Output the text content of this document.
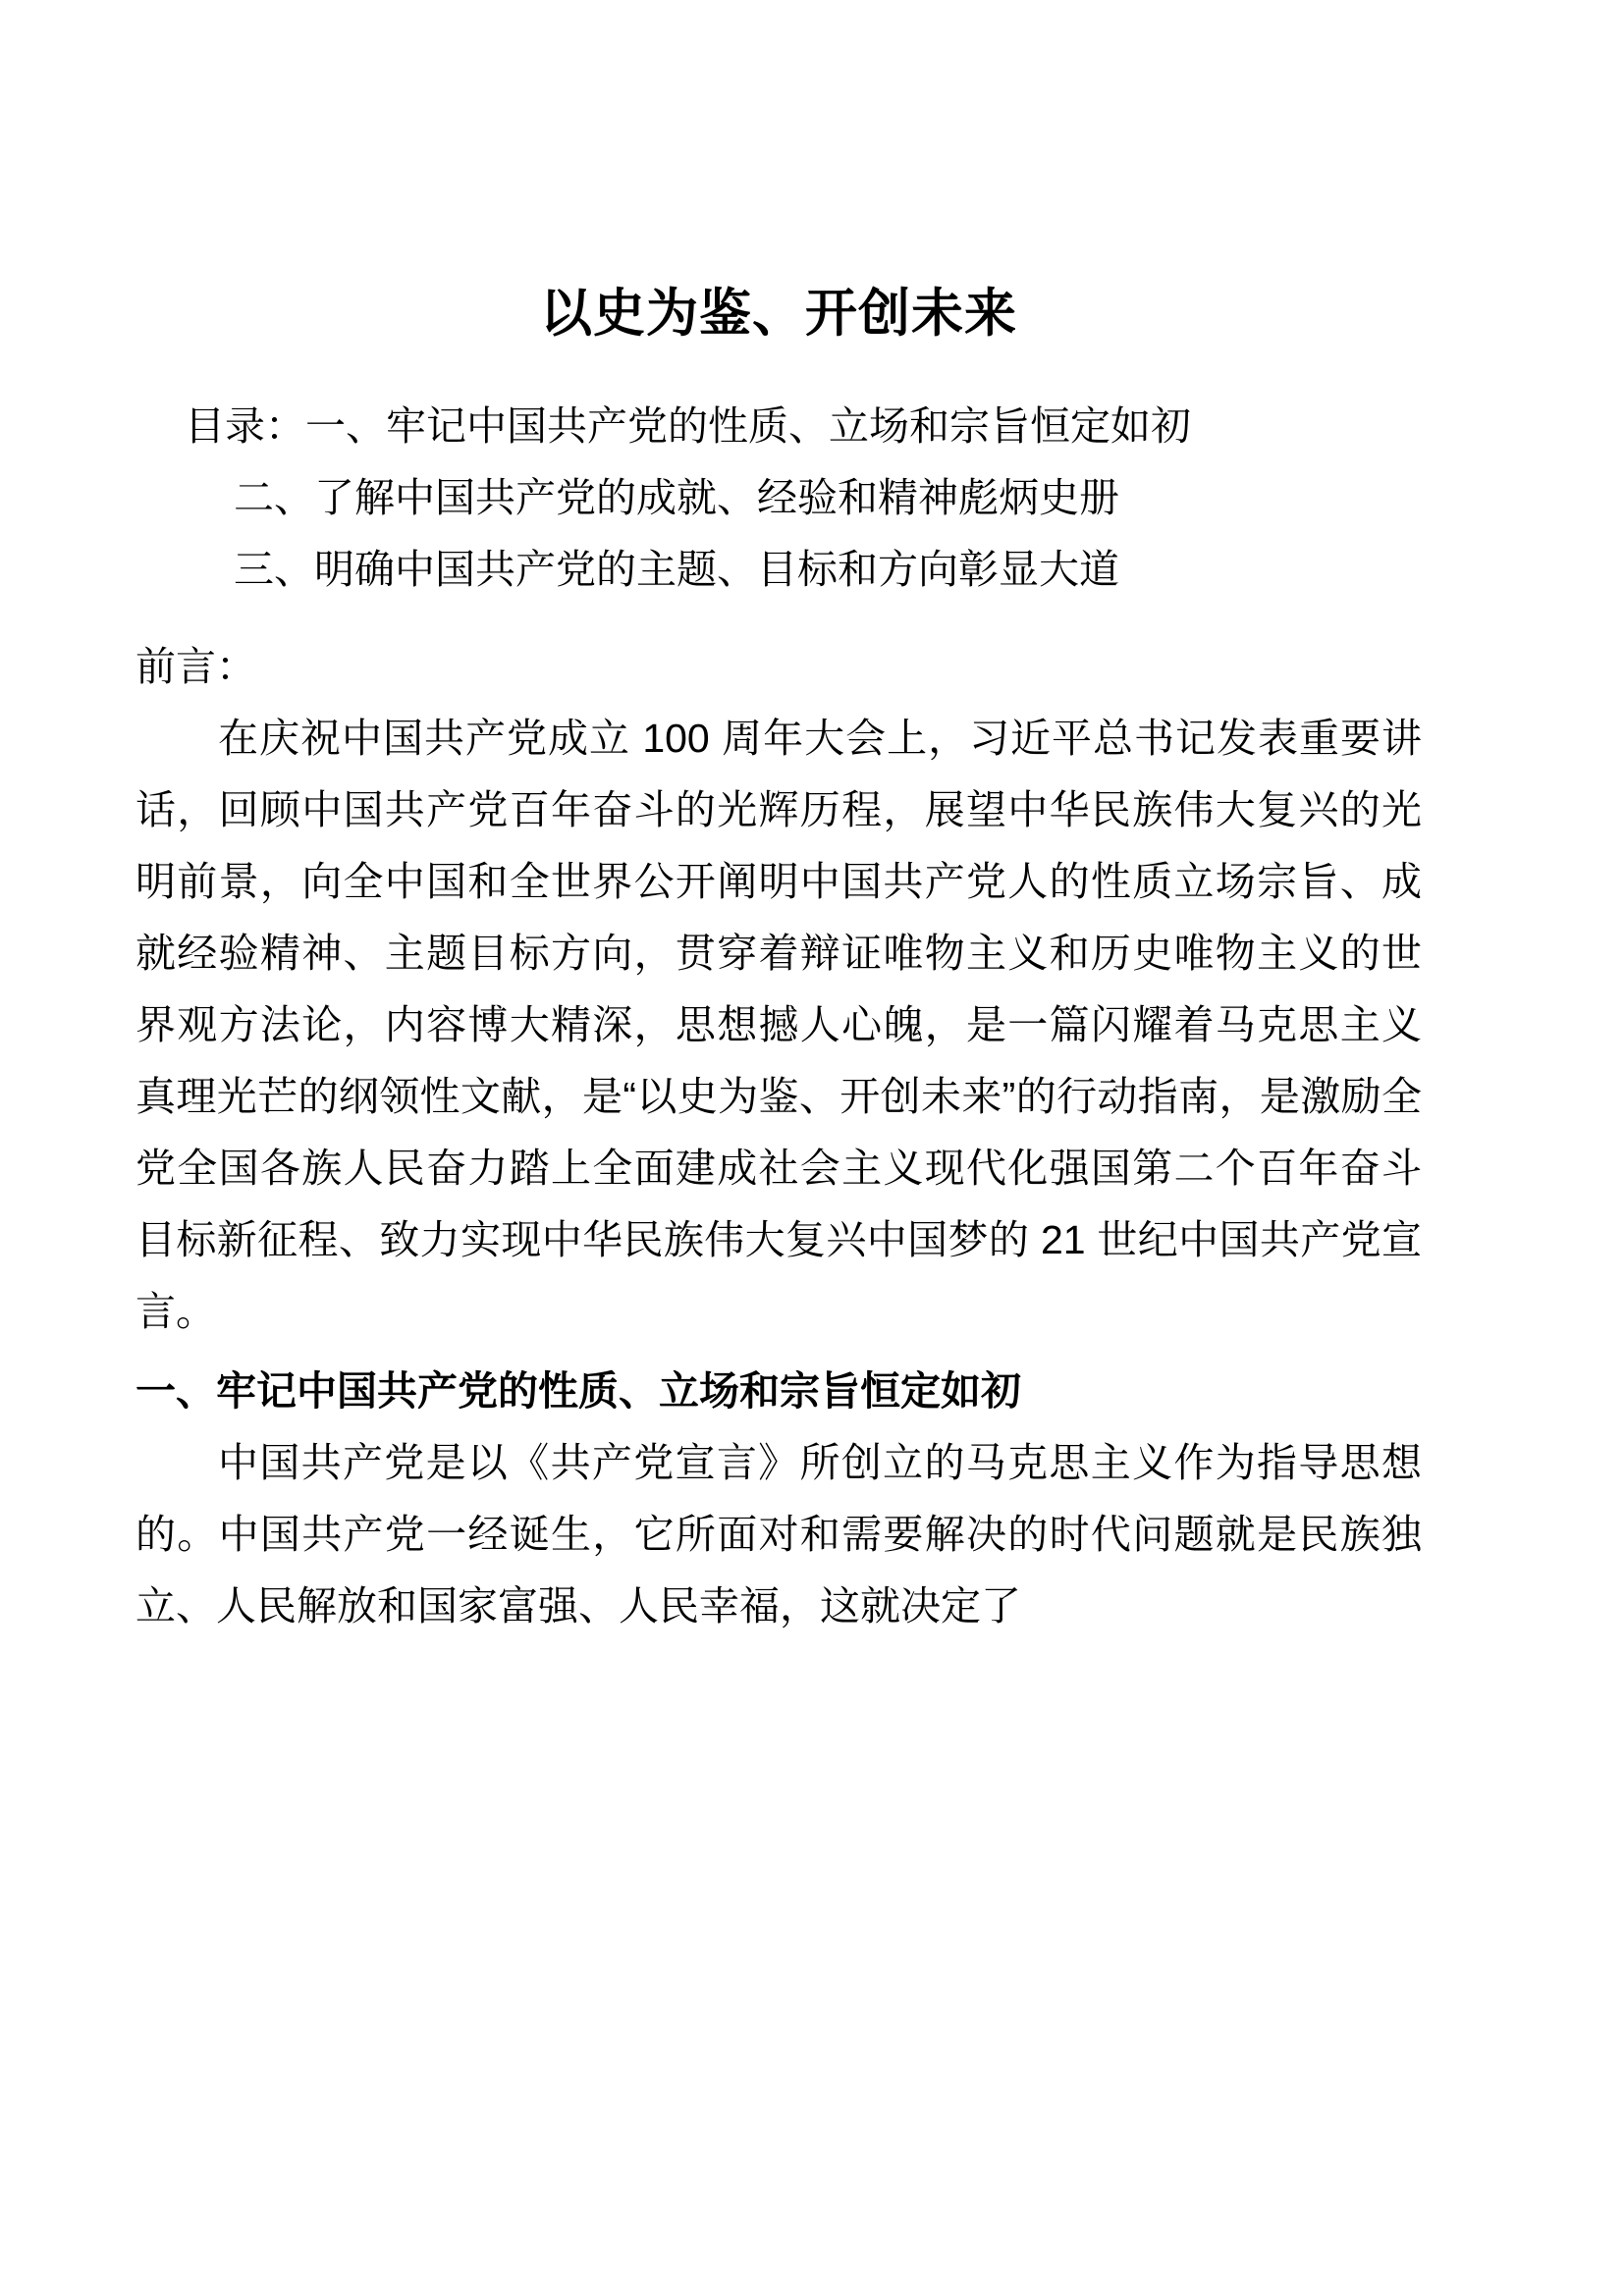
以史为鉴、开创未来
目录：一、牢记中国共产党的性质、立场和宗旨恒定如初
二、了解中国共产党的成就、经验和精神彪炳史册
三、明确中国共产党的主题、目标和方向彰显大道
前言：

在庆祝中国共产党成立 100 周年大会上，习近平总书记发表重要讲话，回顾中国共产党百年奋斗的光辉历程，展望中华民族伟大复兴的光明前景，向全中国和全世界公开阐明中国共产党人的性质立场宗旨、成就经验精神、主题目标方向，贯穿着辩证唯物主义和历史唯物主义的世界观方法论，内容博大精深，思想撼人心魄，是一篇闪耀着马克思主义真理光芒的纲领性文献，是“以史为鉴、开创未来”的行动指南，是激励全党全国各族人民奋力踏上全面建成社会主义现代化强国第二个百年奋斗目标新征程、致力实现中华民族伟大复兴中国梦的 21 世纪中国共产党宣言。

一、牢记中国共产党的性质、立场和宗旨恒定如初

中国共产党是以《共产党宣言》所创立的马克思主义作为指导思想的。中国共产党一经诞生，它所面对和需要解决的时代问题就是民族独立、人民解放和国家富强、人民幸福，这就决定了
